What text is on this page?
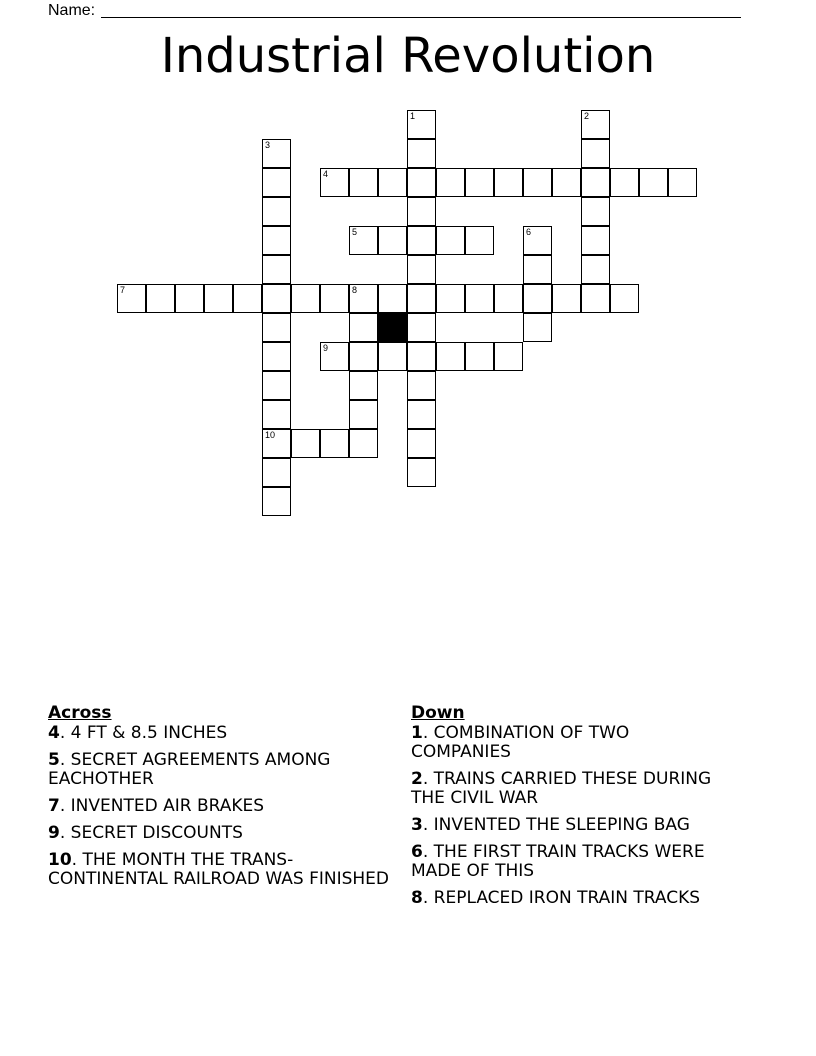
Name:
Industrial Revolution
1	2
3
10
4
5	6
7	8
9
Across
4. 4 FT & 8.5 INCHES
5. SECRET AGREEMENTS AMONG EACHOTHER
7. INVENTED AIR BRAKES
9. SECRET DISCOUNTS
10. THE MONTH THE TRANS-CONTINENTAL RAILROAD WAS FINISHED
Down
1. COMBINATION OF TWO COMPANIES
2. TRAINS CARRIED THESE DURING THE CIVIL WAR
3. INVENTED THE SLEEPING BAG
6. THE FIRST TRAIN TRACKS WERE MADE OF THIS
8. REPLACED IRON TRAIN TRACKS
